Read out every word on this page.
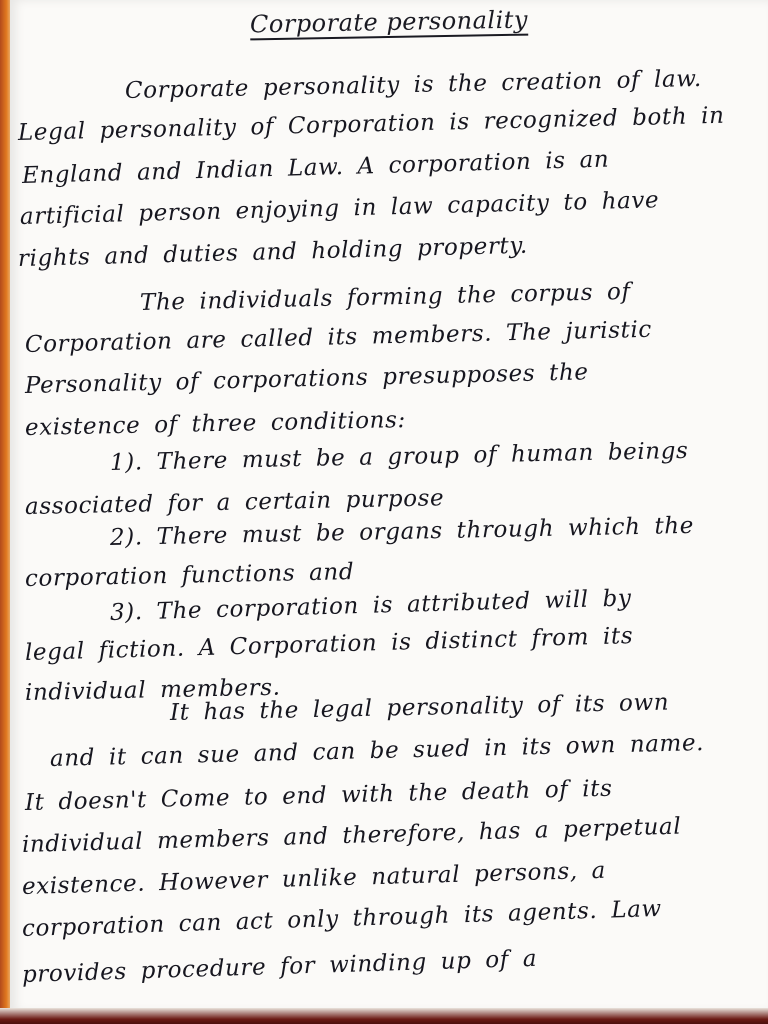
Corporate personality
Corporate personality is the creation of law.
Legal personality of Corporation is recognized both in
England and Indian Law. A corporation is an
artificial person enjoying in law capacity to have
rights and duties and holding property.
The individuals forming the corpus of
Corporation are called its members. The juristic
Personality of corporations presupposes the
existence of three conditions:
1). There must be a group of human beings
associated for a certain purpose
2). There must be organs through which the
corporation functions and
3). The corporation is attributed will by
legal fiction. A Corporation is distinct from its
individual members.
It has the legal personality of its own
and it can sue and can be sued in its own name.
It doesn't Come to end with the death of its
individual members and therefore, has a perpetual
existence. However unlike natural persons, a
corporation can act only through its agents. Law
provides procedure for winding up of a
